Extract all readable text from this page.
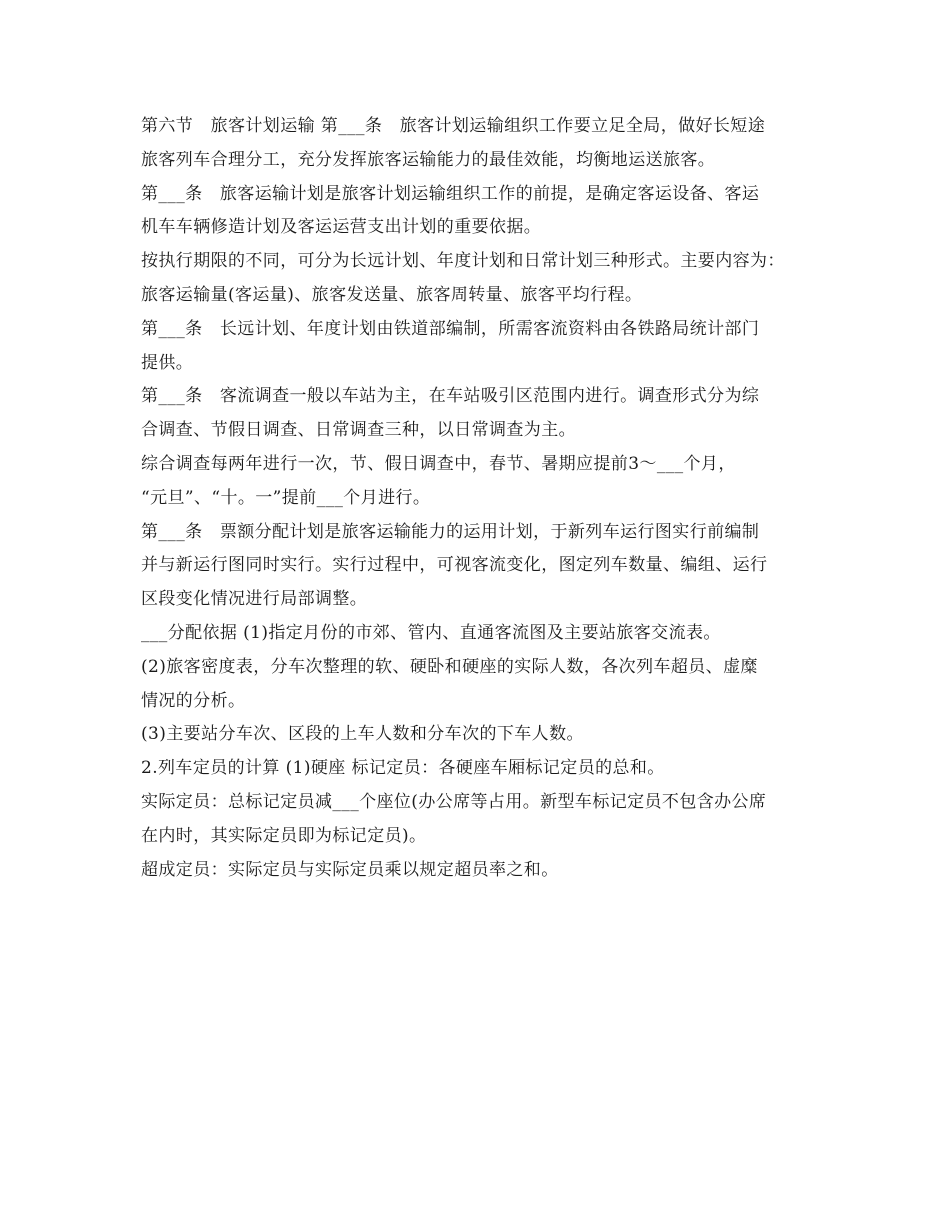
第六节　旅客计划运输 第___条　旅客计划运输组织工作要立足全局，做好长短途
旅客列车合理分工，充分发挥旅客运输能力的最佳效能，均衡地运送旅客。
第___条　旅客运输计划是旅客计划运输组织工作的前提，是确定客运设备、客运
机车车辆修造计划及客运运营支出计划的重要依据。
按执行期限的不同，可分为长远计划、年度计划和日常计划三种形式。主要内容为：
旅客运输量(客运量)、旅客发送量、旅客周转量、旅客平均行程。
第___条　长远计划、年度计划由铁道部编制，所需客流资料由各铁路局统计部门
提供。
第___条　客流调查一般以车站为主，在车站吸引区范围内进行。调查形式分为综
合调查、节假日调查、日常调查三种，以日常调查为主。
综合调查每两年进行一次，节、假日调查中，春节、暑期应提前3～___个月，
“元旦”、“十。一”提前___个月进行。
第___条　票额分配计划是旅客运输能力的运用计划，于新列车运行图实行前编制
并与新运行图同时实行。实行过程中，可视客流变化，图定列车数量、编组、运行
区段变化情况进行局部调整。
___分配依据 (1)指定月份的市郊、管内、直通客流图及主要站旅客交流表。
(2)旅客密度表，分车次整理的软、硬卧和硬座的实际人数，各次列车超员、虚糜
情况的分析。
(3)主要站分车次、区段的上车人数和分车次的下车人数。
2.列车定员的计算 (1)硬座 标记定员：各硬座车厢标记定员的总和。
实际定员：总标记定员减___个座位(办公席等占用。新型车标记定员不包含办公席
在内时，其实际定员即为标记定员)。
超成定员：实际定员与实际定员乘以规定超员率之和。
